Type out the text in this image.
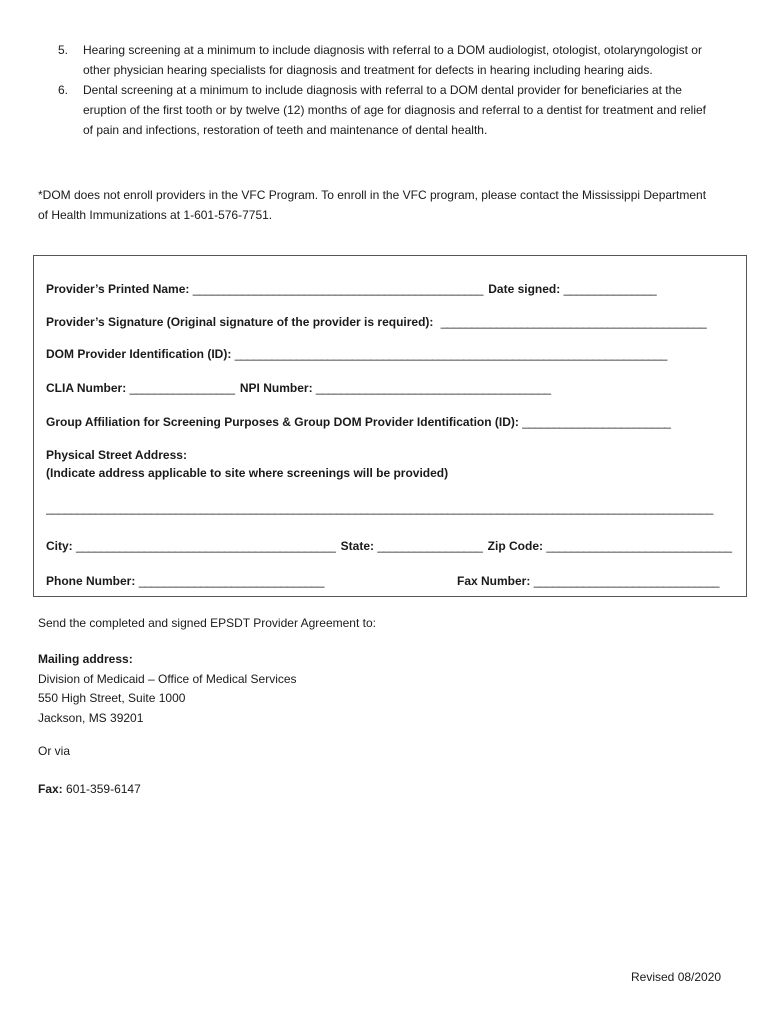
5. Hearing screening at a minimum to include diagnosis with referral to a DOM audiologist, otologist, otolaryngologist or other physician hearing specialists for diagnosis and treatment for defects in hearing including hearing aids.
6. Dental screening at a minimum to include diagnosis with referral to a DOM dental provider for beneficiaries at the eruption of the first tooth or by twelve (12) months of age for diagnosis and referral to a dentist for treatment and relief of pain and infections, restoration of teeth and maintenance of dental health.

*DOM does not enroll providers in the VFC Program. To enroll in the VFC program, please contact the Mississippi Department of Health Immunizations at 1-601-576-7751.

Provider’s Printed Name: _______________________________________________ Date signed: _______________
Provider’s Signature (Original signature of the provider is required): ___________________________________________
DOM Provider Identification (ID): ______________________________________________________________________
CLIA Number: _________________ NPI Number: ______________________________________
Group Affiliation for Screening Purposes & Group DOM Provider Identification (ID): ________________________
Physical Street Address:
(Indicate address applicable to site where screenings will be provided)
____________________________________________________________________________________________________________
City: __________________________________________ State: _________________ Zip Code: ______________________________
Phone Number: ______________________________	Fax Number: ______________________________

Send the completed and signed EPSDT Provider Agreement to:

Mailing address:
Division of Medicaid – Office of Medical Services
550 High Street, Suite 1000
Jackson, MS 39201

Or via

Fax: 601-359-6147

Revised 08/2020
